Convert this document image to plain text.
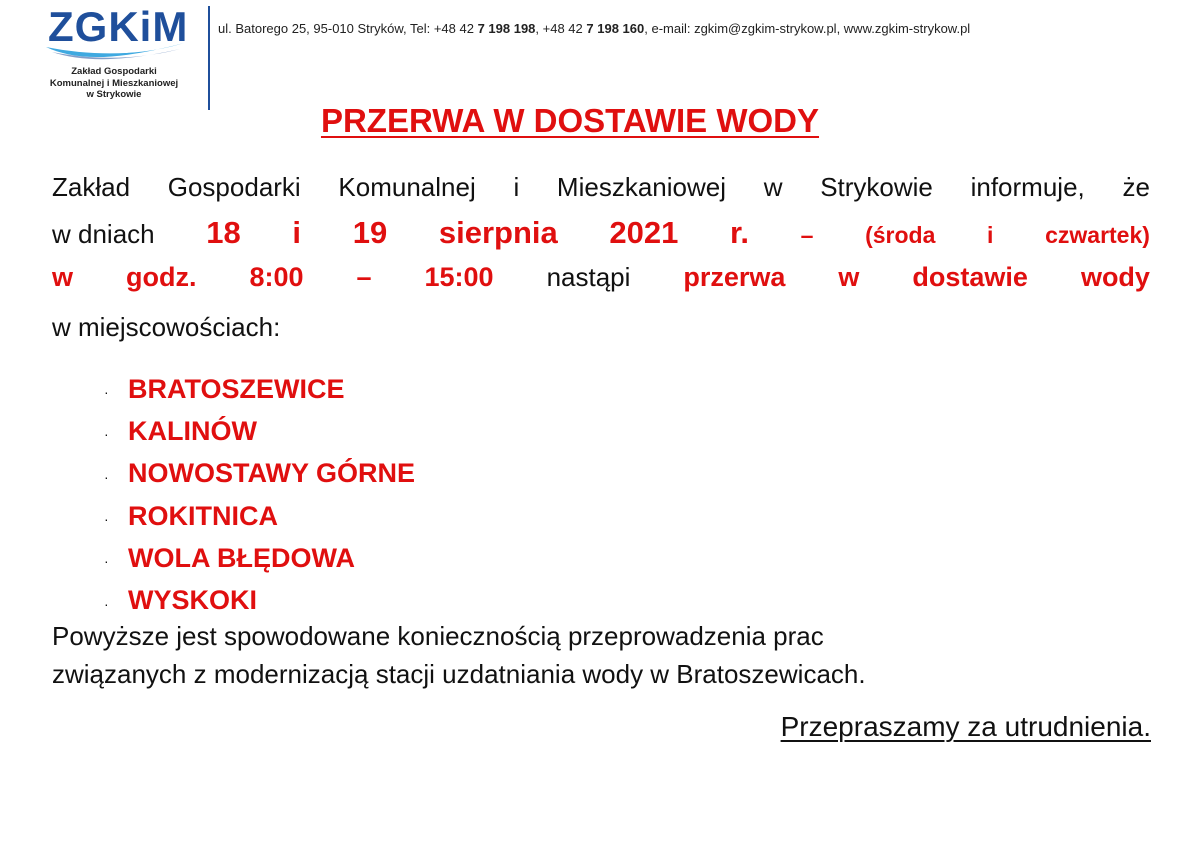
ZGKiM
Zakład Gospodarki
Komunalnej i Mieszkaniowej
w Strykowie
ul. Batorego 25, 95-010 Stryków, Tel: +48 42 7 198 198, +48 42 7 198 160, e-mail: zgkim@zgkim-strykow.pl, www.zgkim-strykow.pl
PRZERWA W DOSTAWIE WODY
Zakład Gospodarki Komunalnej i Mieszkaniowej w Strykowie informuje, że
w dniach 18 i 19 sierpnia 2021 r. – (środa i czwartek)
w godz. 8:00 – 15:00 nastąpi przerwa w dostawie wody
w miejscowościach:
· BRATOSZEWICE
· KALINÓW
· NOWOSTAWY GÓRNE
· ROKITNICA
· WOLA BŁĘDOWA
· WYSKOKI
Powyższe jest spowodowane koniecznością przeprowadzenia prac
związanych z modernizacją stacji uzdatniania wody w Bratoszewicach.
Przepraszamy za utrudnienia.
